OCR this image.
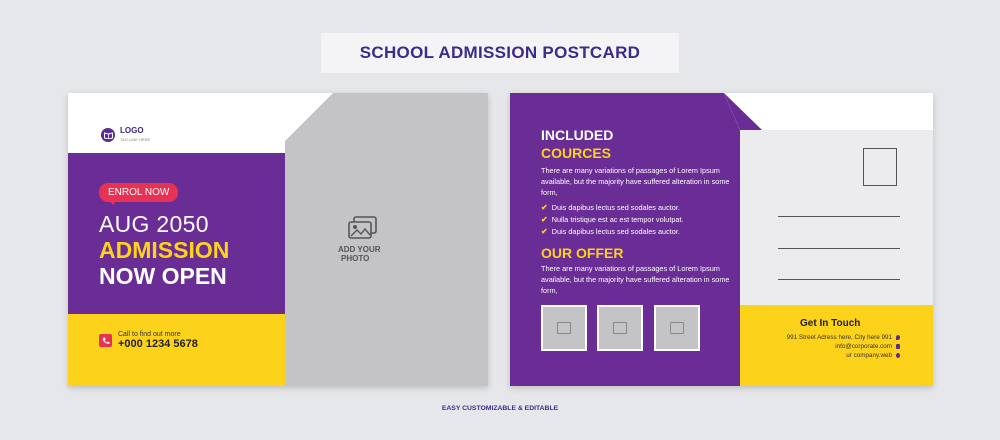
SCHOOL ADMISSION POSTCARD
LOGO
TAG LINE HERE
ENROL NOW
AUG 2050
ADMISSION
NOW OPEN
Call to find out more
+000 1234 5678
ADD YOUR
PHOTO
INCLUDED
COURCES
There are many variations of passages of Lorem Ipsum available, but the majority have suffered alteration in some form,
✔ Duis dapibus lectus sed sodales auctor.
✔ Nulla tristique est ac est tempor volutpat.
✔ Duis dapibus lectus sed sodales auctor.
OUR OFFER
There are many variations of passages of Lorem Ipsum available, but the majority have suffered alteration in some form,
Get In Touch
991 Street Adress here, City here 991
info@corporate.com
ur company.web
EASY CUSTOMIZABLE & EDITABLE
